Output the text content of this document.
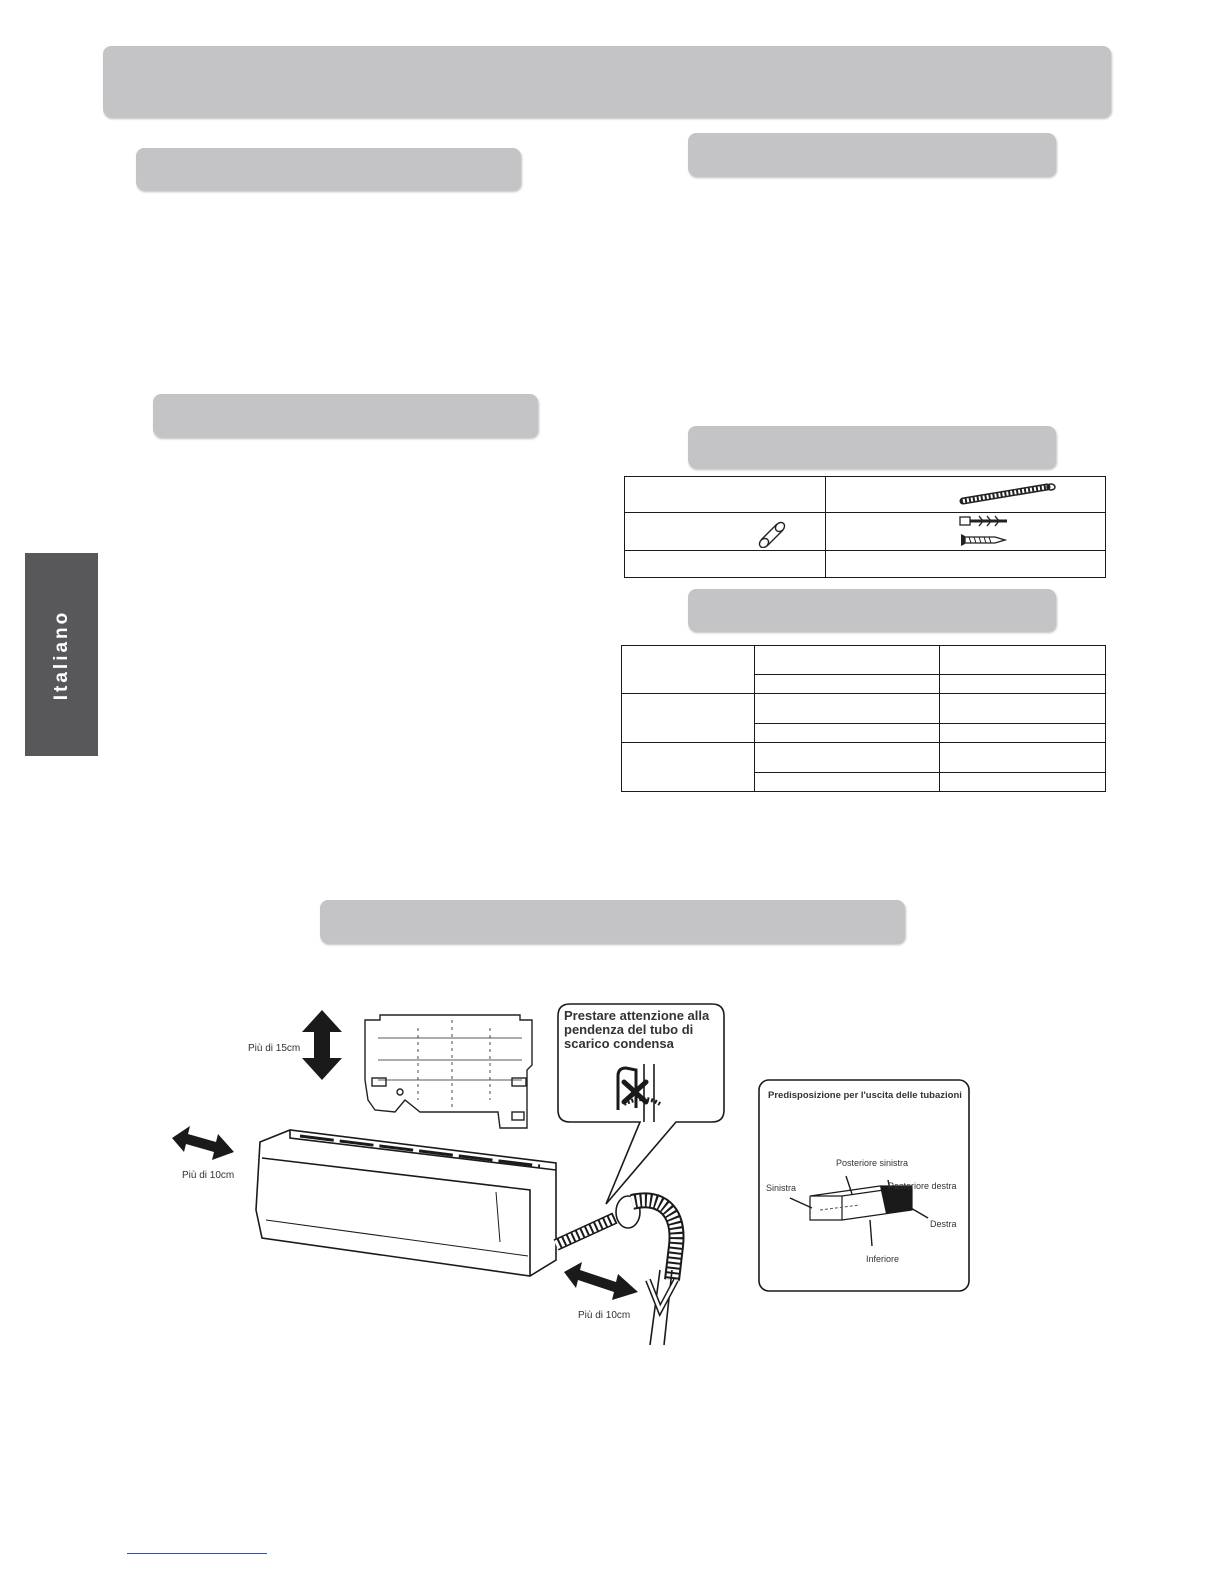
Italiano

Più di 15cm
Più di 10cm
Più di 10cm
Prestare attenzione alla
pendenza del tubo di
scarico condensa
Predisposizione per l'uscita delle tubazioni
Posteriore sinistra
Sinistra	Posteriore destra
Destra
Inferiore
